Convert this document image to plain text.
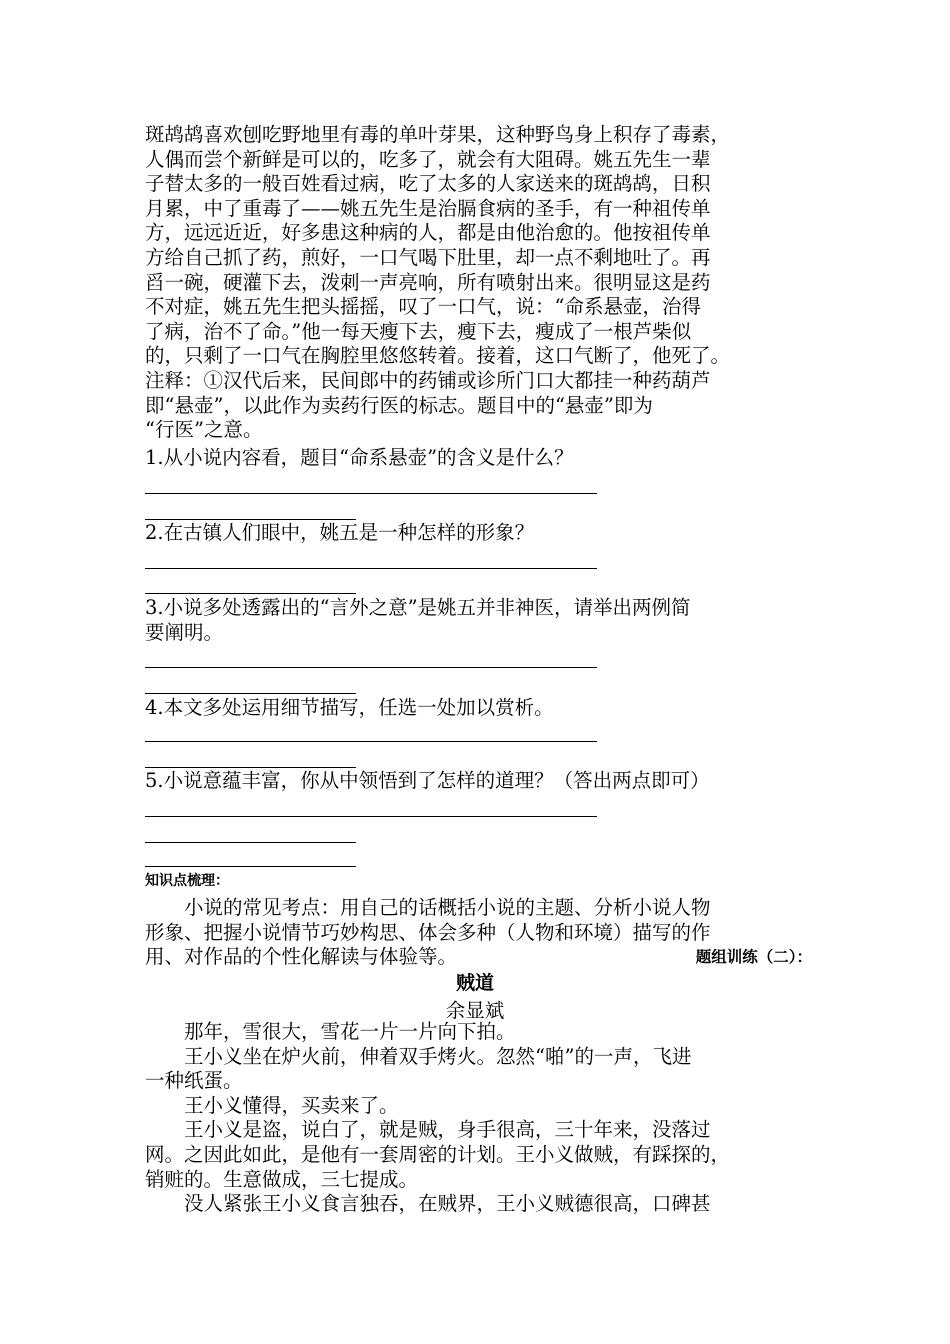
斑鸪鸪喜欢刨吃野地里有毒的单叶芽果，这种野鸟身上积存了毒素，
人偶而尝个新鲜是可以的，吃多了，就会有大阻碍。姚五先生一辈
子替太多的一般百姓看过病，吃了太多的人家送来的斑鸪鸪，日积
月累，中了重毒了——姚五先生是治膈食病的圣手，有一种祖传单
方，远远近近，好多患这种病的人，都是由他治愈的。他按祖传单
方给自己抓了药，煎好，一口气喝下肚里，却一点不剩地吐了。再
舀一碗，硬灌下去，泼刺一声亮响，所有喷射出来。很明显这是药
不对症，姚五先生把头摇摇，叹了一口气，说：“命系悬壶，治得
了病，治不了命。”他一每天瘦下去，瘦下去，瘦成了一根芦柴似
的，只剩了一口气在胸腔里悠悠转着。接着，这口气断了，他死了。
注释：①汉代后来，民间郎中的药铺或诊所门口大都挂一种药葫芦
即“悬壶”，以此作为卖药行医的标志。题目中的“悬壶”即为
“行医”之意。
1.从小说内容看，题目“命系悬壶”的含义是什么？
2.在古镇人们眼中，姚五是一种怎样的形象？
3.小说多处透露出的“言外之意”是姚五并非神医，请举出两例简
要阐明。
4.本文多处运用细节描写，任选一处加以赏析。
5.小说意蕴丰富，你从中领悟到了怎样的道理？（答出两点即可）
知识点梳理：
　　小说的常见考点：用自己的话概括小说的主题、分析小说人物
形象、把握小说情节巧妙构思、体会多种（人物和环境）描写的作
用、对作品的个性化解读与体验等。	题组训练（二）：
贼道
余显斌
　　那年，雪很大，雪花一片一片向下拍。
　　王小义坐在炉火前，伸着双手烤火。忽然“啪”的一声，飞进
一种纸蛋。
　　王小义懂得，买卖来了。
　　王小义是盗，说白了，就是贼，身手很高，三十年来，没落过
网。之因此如此，是他有一套周密的计划。王小义做贼，有踩探的，
销赃的。生意做成，三七提成。
　　没人紧张王小义食言独吞，在贼界，王小义贼德很高，口碑甚
